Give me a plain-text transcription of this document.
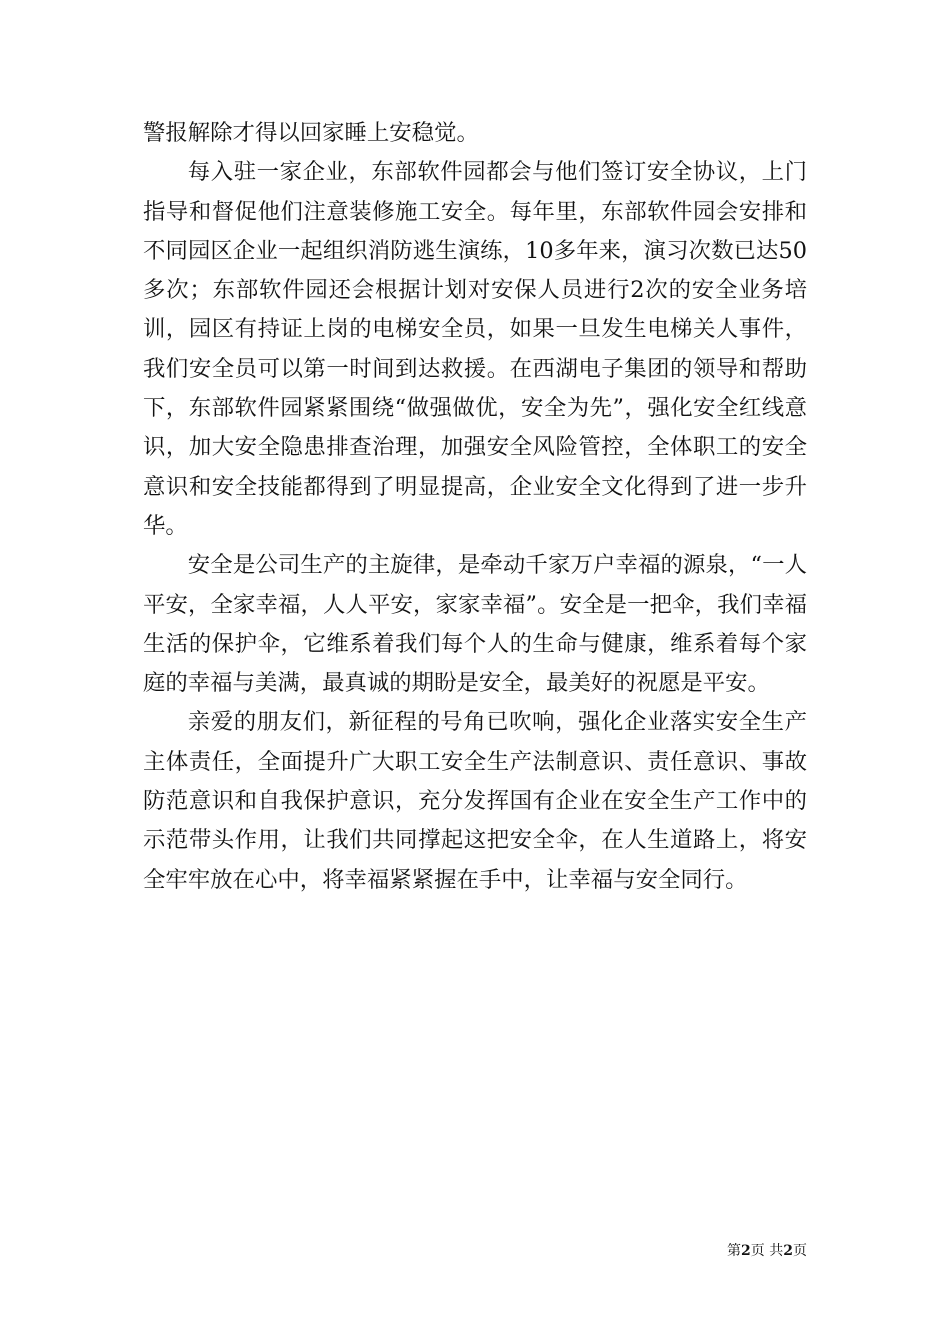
警报解除才得以回家睡上安稳觉。

每入驻一家企业，东部软件园都会与他们签订安全协议，上门指导和督促他们注意装修施工安全。每年里，东部软件园会安排和不同园区企业一起组织消防逃生演练，10多年来，演习次数已达50多次；东部软件园还会根据计划对安保人员进行2次的安全业务培训，园区有持证上岗的电梯安全员，如果一旦发生电梯关人事件，我们安全员可以第一时间到达救援。在西湖电子集团的领导和帮助下，东部软件园紧紧围绕“做强做优，安全为先”，强化安全红线意识，加大安全隐患排查治理，加强安全风险管控，全体职工的安全意识和安全技能都得到了明显提高，企业安全文化得到了进一步升华。

安全是公司生产的主旋律，是牵动千家万户幸福的源泉，“一人平安，全家幸福，人人平安，家家幸福”。安全是一把伞，我们幸福生活的保护伞，它维系着我们每个人的生命与健康，维系着每个家庭的幸福与美满，最真诚的期盼是安全，最美好的祝愿是平安。

亲爱的朋友们，新征程的号角已吹响，强化企业落实安全生产主体责任，全面提升广大职工安全生产法制意识、责任意识、事故防范意识和自我保护意识，充分发挥国有企业在安全生产工作中的示范带头作用，让我们共同撑起这把安全伞，在人生道路上，将安全牢牢放在心中，将幸福紧紧握在手中，让幸福与安全同行。

第2页 共2页
